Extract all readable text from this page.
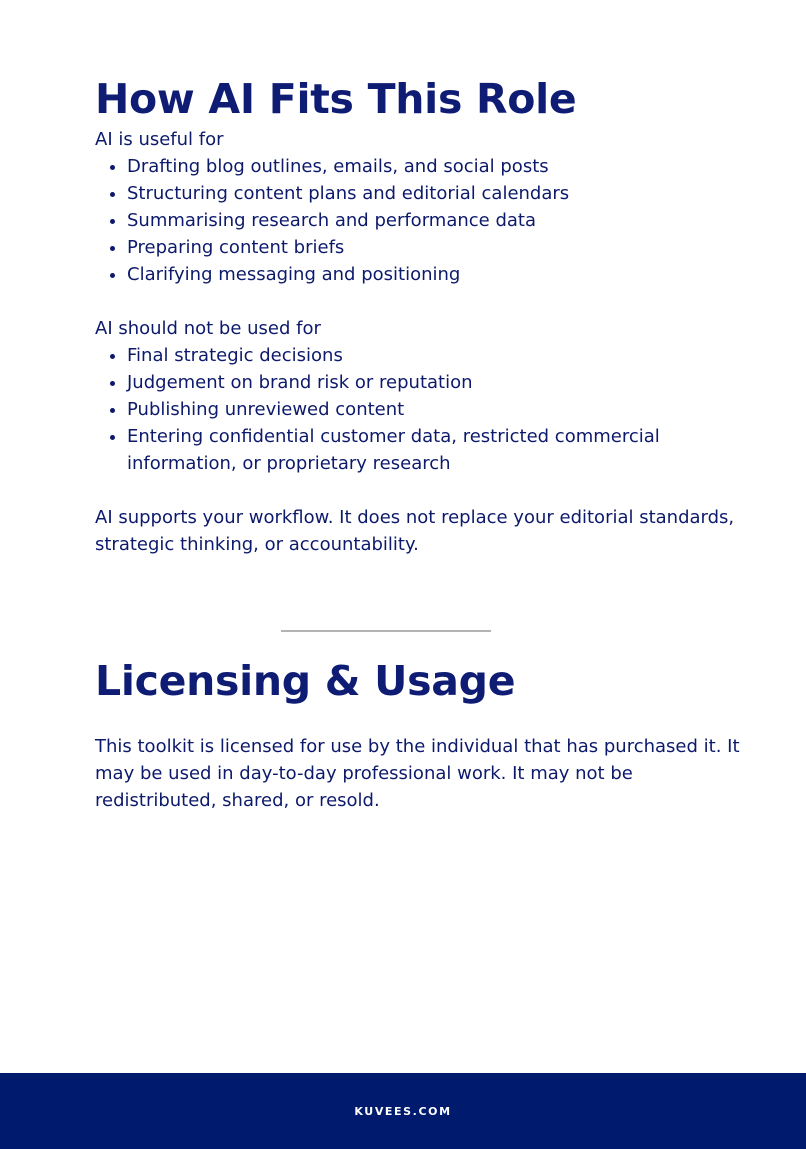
How AI Fits This Role

AI is useful for

• Drafting blog outlines, emails, and social posts
• Structuring content plans and editorial calendars
• Summarising research and performance data
• Preparing content briefs
• Clarifying messaging and positioning

AI should not be used for

• Final strategic decisions
• Judgement on brand risk or reputation
• Publishing unreviewed content
• Entering confidential customer data, restricted commercial information, or proprietary research

AI supports your workflow. It does not replace your editorial standards, strategic thinking, or accountability.

Licensing & Usage

This toolkit is licensed for use by the individual that has purchased it. It may be used in day-to-day professional work. It may not be redistributed, shared, or resold.

KUVEES.COM
